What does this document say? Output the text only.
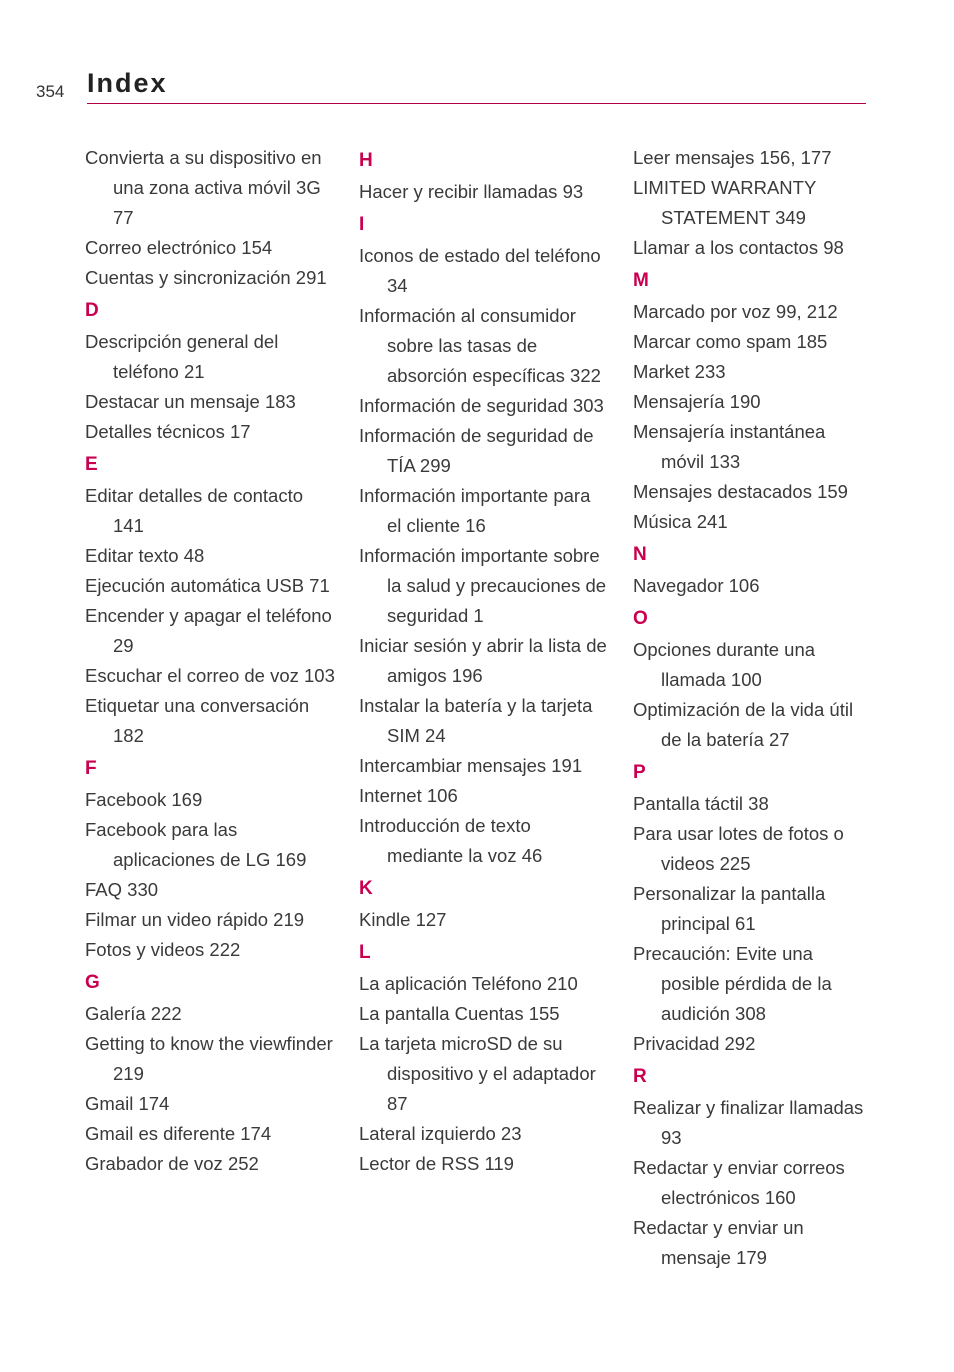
354 Index
Convierta a su dispositivo en una zona activa móvil 3G 77
Correo electrónico 154
Cuentas y sincronización 291
D
Descripción general del teléfono 21
Destacar un mensaje 183
Detalles técnicos 17
E
Editar detalles de contacto 141
Editar texto 48
Ejecución automática USB 71
Encender y apagar el teléfono 29
Escuchar el correo de voz 103
Etiquetar una conversación 182
F
Facebook 169
Facebook para las aplicaciones de LG 169
FAQ 330
Filmar un video rápido 219
Fotos y videos 222
G
Galería 222
Getting to know the viewfinder 219
Gmail 174
Gmail es diferente 174
Grabador de voz 252
H
Hacer y recibir llamadas 93
I
Iconos de estado del teléfono 34
Información al consumidor sobre las tasas de absorción específicas 322
Información de seguridad 303
Información de seguridad de TÍA 299
Información importante para el cliente 16
Información importante sobre la salud y precauciones de seguridad 1
Iniciar sesión y abrir la lista de amigos 196
Instalar la batería y la tarjeta SIM 24
Intercambiar mensajes 191
Internet 106
Introducción de texto mediante la voz 46
K
Kindle 127
L
La aplicación Teléfono 210
La pantalla Cuentas 155
La tarjeta microSD de su dispositivo y el adaptador 87
Lateral izquierdo 23
Lector de RSS 119
Leer mensajes 156, 177
LIMITED WARRANTY STATEMENT 349
Llamar a los contactos 98
M
Marcado por voz 99, 212
Marcar como spam 185
Market 233
Mensajería 190
Mensajería instantánea móvil 133
Mensajes destacados 159
Música 241
N
Navegador 106
O
Opciones durante una llamada 100
Optimización de la vida útil de la batería 27
P
Pantalla táctil 38
Para usar lotes de fotos o videos 225
Personalizar la pantalla principal 61
Precaución: Evite una posible pérdida de la audición 308
Privacidad 292
R
Realizar y finalizar llamadas 93
Redactar y enviar correos electrónicos 160
Redactar y enviar un mensaje 179
